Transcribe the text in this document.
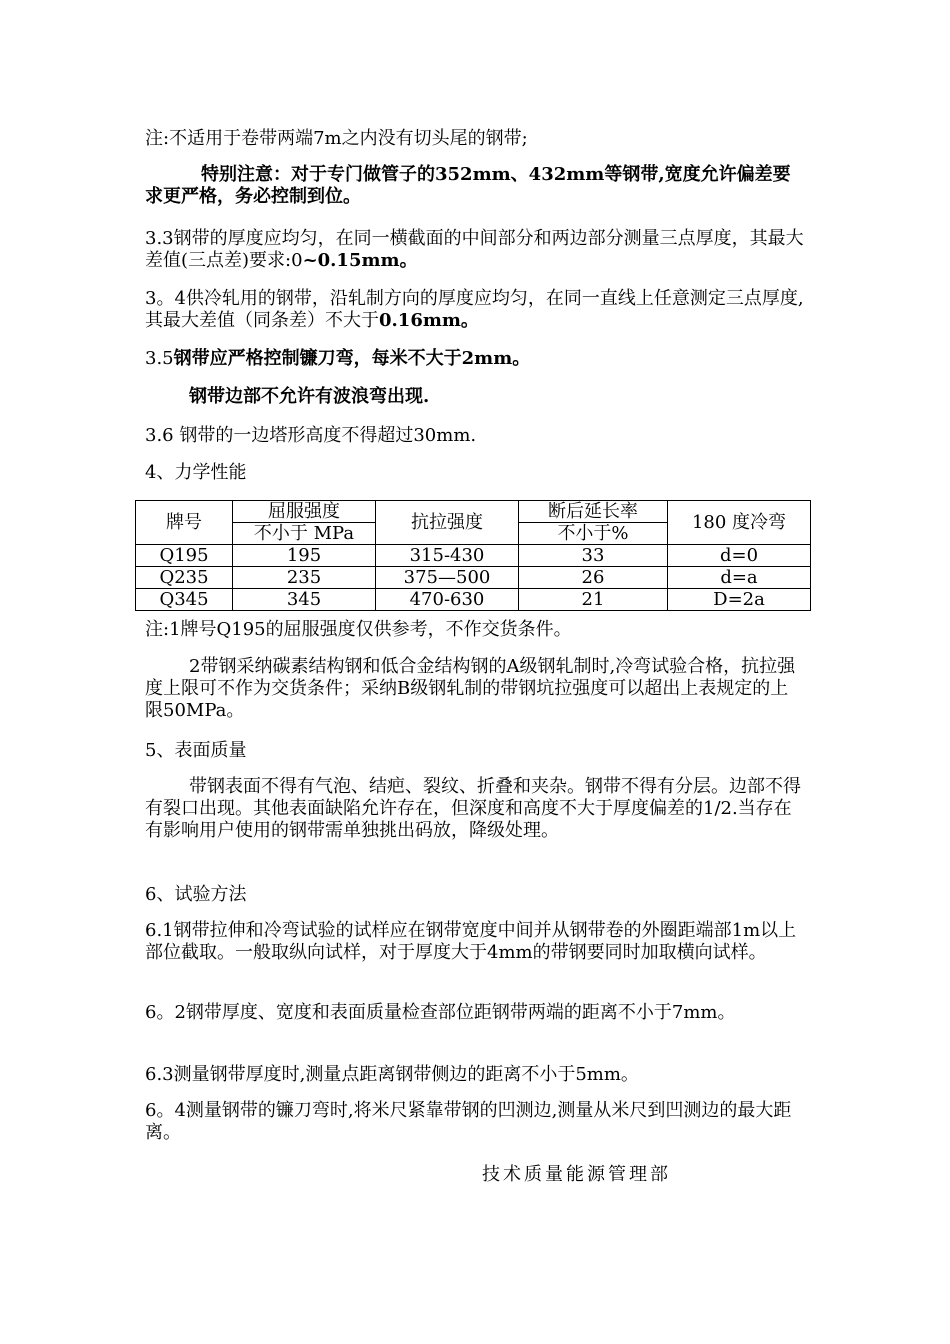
注:不适用于卷带两端7m之内没有切头尾的钢带;

特别注意：对于专门做管子的352mm、432mm等钢带,宽度允许偏差要求更严格，务必控制到位。

3.3钢带的厚度应均匀，在同一横截面的中间部分和两边部分测量三点厚度，其最大差值(三点差)要求:0~0.15mm。

3。4供冷轧用的钢带，沿轧制方向的厚度应均匀，在同一直线上任意测定三点厚度,其最大差值（同条差）不大于0.16mm。

3.5钢带应严格控制镰刀弯，每米不大于2mm。

钢带边部不允许有波浪弯出现.

3.6 钢带的一边塔形高度不得超过30mm.

4、力学性能

牌号	屈服强度	抗拉强度	断后延长率	180 度冷弯
	不小于 MPa		不小于%	
Q195	195	315-430	33	d=0
Q235	235	375—500	26	d=a
Q345	345	470-630	21	D=2a

注:1牌号Q195的屈服强度仅供参考，不作交货条件。

2带钢采纳碳素结构钢和低合金结构钢的A级钢轧制时,冷弯试验合格，抗拉强度上限可不作为交货条件；采纳B级钢轧制的带钢坑拉强度可以超出上表规定的上限50MPa。

5、表面质量

带钢表面不得有气泡、结疤、裂纹、折叠和夹杂。钢带不得有分层。边部不得有裂口出现。其他表面缺陷允许存在，但深度和高度不大于厚度偏差的1/2.当存在有影响用户使用的钢带需单独挑出码放，降级处理。

6、试验方法

6.1钢带拉伸和冷弯试验的试样应在钢带宽度中间并从钢带卷的外圈距端部1m以上部位截取。一般取纵向试样，对于厚度大于4mm的带钢要同时加取横向试样。

6。2钢带厚度、宽度和表面质量检查部位距钢带两端的距离不小于7mm。

6.3测量钢带厚度时,测量点距离钢带侧边的距离不小于5mm。

6。4测量钢带的镰刀弯时,将米尺紧靠带钢的凹测边,测量从米尺到凹测边的最大距离。

技术质量能源管理部
